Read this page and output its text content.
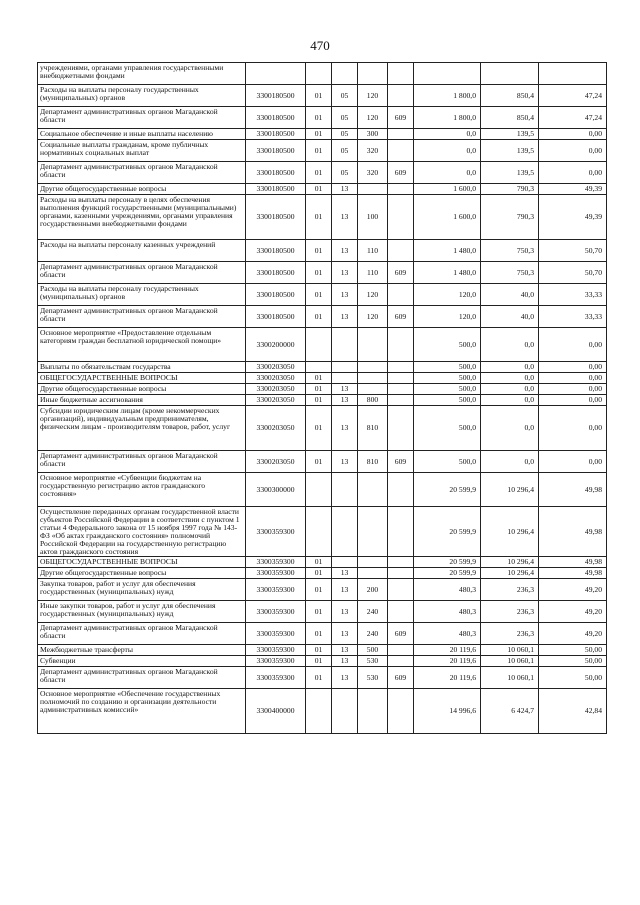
470
учреждениями, органами управления государственными внебюджетными фондами								
Расходы на выплаты персоналу государственных (муниципальных) органов	3300180500	01	05	120		1 800,0	850,4	47,24
Департамент административных органов Магаданской области	3300180500	01	05	120	609	1 800,0	850,4	47,24
Социальное обеспечение и иные выплаты населению	3300180500	01	05	300		0,0	139,5	0,00
Социальные выплаты гражданам, кроме публичных нормативных социальных выплат	3300180500	01	05	320		0,0	139,5	0,00
Департамент административных органов Магаданской области	3300180500	01	05	320	609	0,0	139,5	0,00
Другие общегосударственные вопросы	3300180500	01	13			1 600,0	790,3	49,39
Расходы на выплаты персоналу в целях обеспечения выполнения функций государственными (муниципальными) органами, казенными учреждениями, органами управления государственными внебюджетными фондами	3300180500	01	13	100		1 600,0	790,3	49,39
Расходы на выплаты персоналу казенных учреждений	3300180500	01	13	110		1 480,0	750,3	50,70
Департамент административных органов Магаданской области	3300180500	01	13	110	609	1 480,0	750,3	50,70
Расходы на выплаты персоналу государственных (муниципальных) органов	3300180500	01	13	120		120,0	40,0	33,33
Департамент административных органов Магаданской области	3300180500	01	13	120	609	120,0	40,0	33,33
Основное мероприятие «Предоставление отдельным категориям граждан бесплатной юридической помощи»	3300200000					500,0	0,0	0,00
Выплаты по обязательствам государства	3300203050					500,0	0,0	0,00
ОБЩЕГОСУДАРСТВЕННЫЕ ВОПРОСЫ	3300203050	01				500,0	0,0	0,00
Другие общегосударственные вопросы	3300203050	01	13			500,0	0,0	0,00
Иные бюджетные ассигнования	3300203050	01	13	800		500,0	0,0	0,00
Субсидии юридическим лицам (кроме некоммерческих организаций), индивидуальным предпринимателям, физическим лицам - производителям товаров, работ, услуг	3300203050	01	13	810		500,0	0,0	0,00
Департамент административных органов Магаданской области	3300203050	01	13	810	609	500,0	0,0	0,00
Основное мероприятие «Субвенции бюджетам на государственную регистрацию актов гражданского состояния»	3300300000					20 599,9	10 296,4	49,98
Осуществление переданных органам государственной власти субъектов Российской Федерации в соответствии с пунктом 1 статьи 4 Федерального закона от 15 ноября 1997 года № 143-ФЗ «Об актах гражданского состояния» полномочий Российской Федерации на государственную регистрацию актов гражданского состояния	3300359300					20 599,9	10 296,4	49,98
ОБЩЕГОСУДАРСТВЕННЫЕ ВОПРОСЫ	3300359300	01				20 599,9	10 296,4	49,98
Другие общегосударственные вопросы	3300359300	01	13			20 599,9	10 296,4	49,98
Закупка товаров, работ и услуг для обеспечения государственных (муниципальных) нужд	3300359300	01	13	200		480,3	236,3	49,20
Иные закупки товаров, работ и услуг для обеспечения государственных (муниципальных) нужд	3300359300	01	13	240		480,3	236,3	49,20
Департамент административных органов Магаданской области	3300359300	01	13	240	609	480,3	236,3	49,20
Межбюджетные трансферты	3300359300	01	13	500		20 119,6	10 060,1	50,00
Субвенции	3300359300	01	13	530		20 119,6	10 060,1	50,00
Департамент административных органов Магаданской области	3300359300	01	13	530	609	20 119,6	10 060,1	50,00
Основное мероприятие «Обеспечение государственных полномочий по созданию и организации деятельности административных комиссий»	3300400000					14 996,6	6 424,7	42,84
